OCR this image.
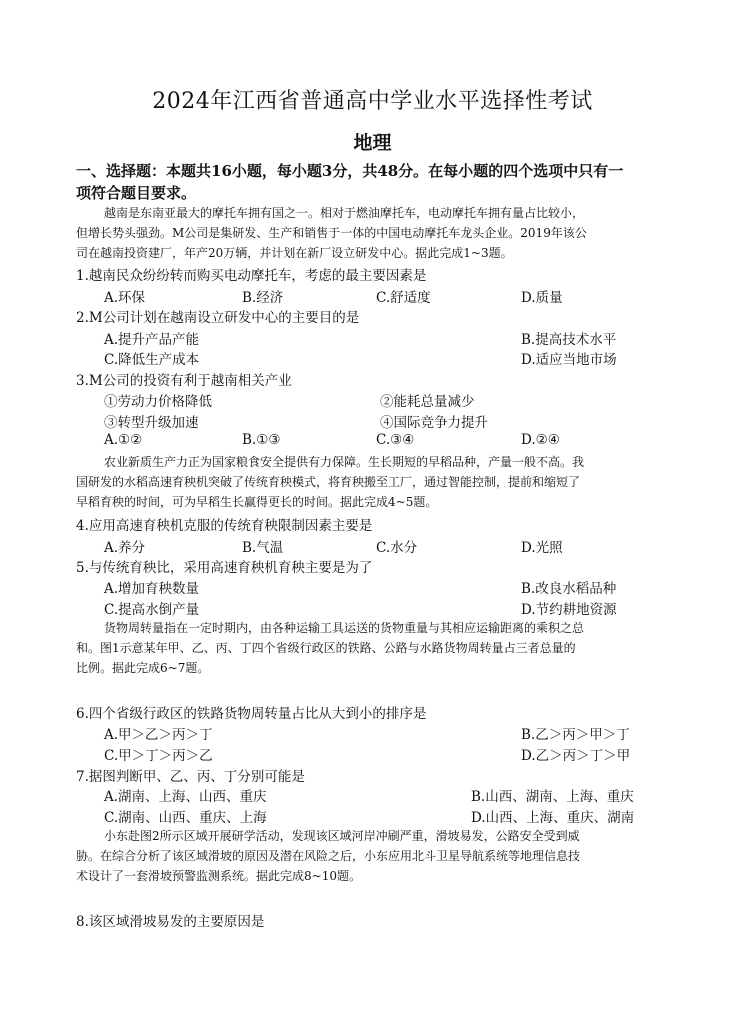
2024年江西省普通高中学业水平选择性考试
地理
一、选择题：本题共16小题，每小题3分，共48分。在每小题的四个选项中只有一
项符合题目要求。
越南是东南亚最大的摩托车拥有国之一。相对于燃油摩托车，电动摩托车拥有量占比较小，
但增长势头强劲。M公司是集研发、生产和销售于一体的中国电动摩托车龙头企业。2019年该公
司在越南投资建厂，年产20万辆，并计划在新厂设立研发中心。据此完成1~3题。
1.越南民众纷纷转而购买电动摩托车，考虑的最主要因素是
A.环保	B.经济	C.舒适度	D.质量
2.M公司计划在越南设立研发中心的主要目的是
A.提升产品产能	B.提高技术水平
C.降低生产成本	D.适应当地市场
3.M公司的投资有利于越南相关产业
①劳动力价格降低	②能耗总量减少
③转型升级加速	④国际竞争力提升
A.①②	B.①③	C.③④	D.②④
农业新质生产力正为国家粮食安全提供有力保障。生长期短的早稻品种，产量一般不高。我
国研发的水稻高速育秧机突破了传统育秧模式，将育秧搬至工厂，通过智能控制，提前和缩短了
早稻育秧的时间，可为早稻生长赢得更长的时间。据此完成4~5题。
4.应用高速育秧机克服的传统育秧限制因素主要是
A.养分	B.气温	C.水分	D.光照
5.与传统育秧比，采用高速育秧机育秧主要是为了
A.增加育秧数量	B.改良水稻品种
C.提高水倒产量	D.节约耕地资源
货物周转量指在一定时期内，由各种运输工具运送的货物重量与其相应运输距离的乘积之总
和。图1示意某年甲、乙、丙、丁四个省级行政区的铁路、公路与水路货物周转量占三者总量的
比例。据此完成6~7题。
6.四个省级行政区的铁路货物周转量占比从大到小的排序是
A.甲＞乙＞丙＞丁	B.乙＞丙＞甲＞丁
C.甲＞丁＞丙＞乙	D.乙＞丙＞丁＞甲
7.据图判断甲、乙、丙、丁分别可能是
A.湖南、上海、山西、重庆	B.山西、湖南、上海、重庆
C.湖南、山西、重庆、上海	D.山西、上海、重庆、湖南
小东赴图2所示区域开展研学活动，发现该区域河岸冲刷严重，滑坡易发，公路安全受到威
胁。在综合分析了该区域滑坡的原因及潜在风险之后，小东应用北斗卫星导航系统等地理信息技
术设计了一套滑坡预警监测系统。据此完成8~10题。
8.该区域滑坡易发的主要原因是
